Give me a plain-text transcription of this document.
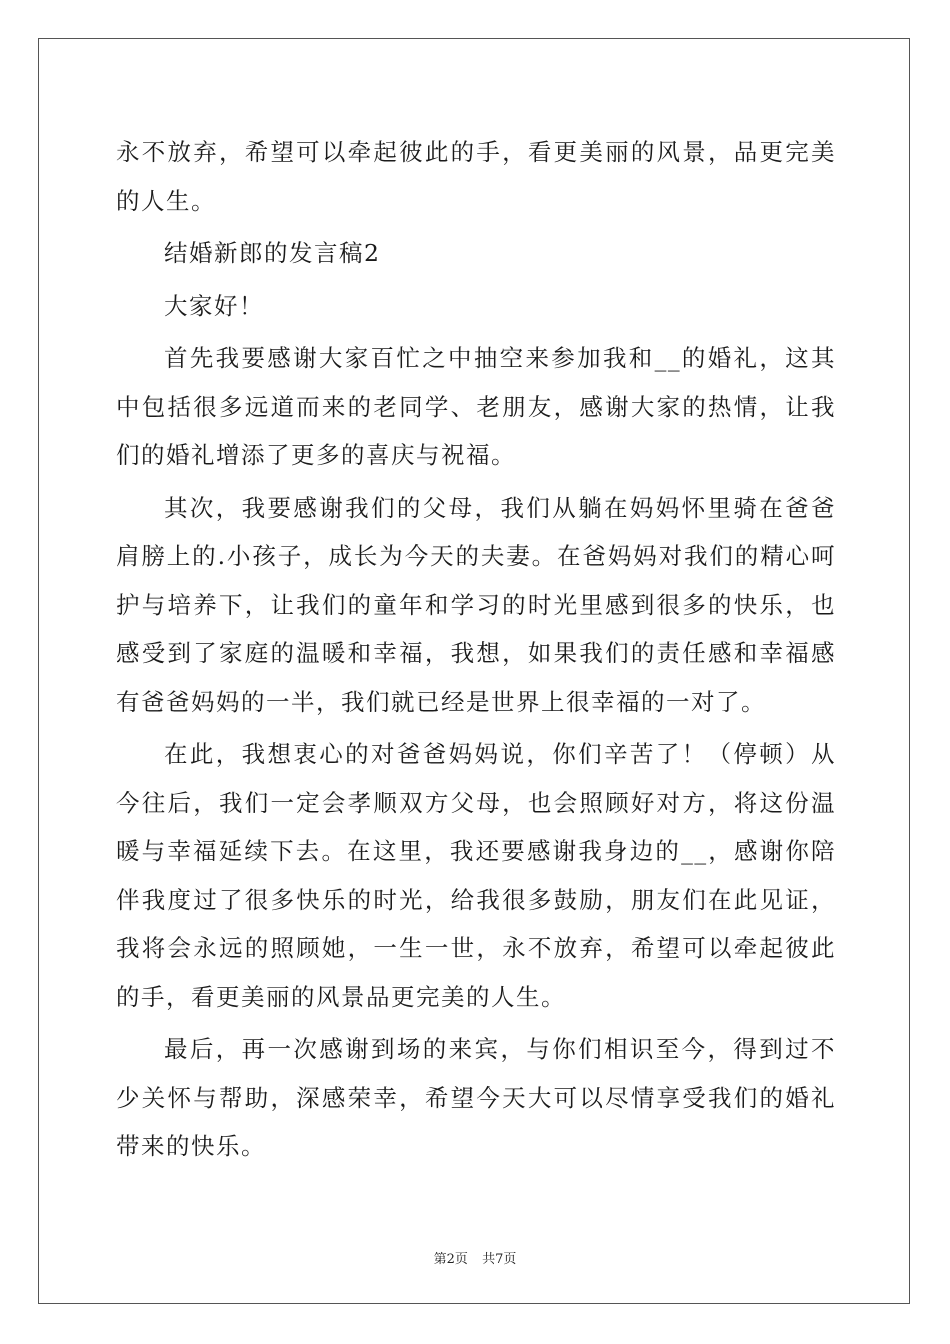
永不放弃，希望可以牵起彼此的手，看更美丽的风景，品更完美的人生。

结婚新郎的发言稿2

大家好！

首先我要感谢大家百忙之中抽空来参加我和__的婚礼，这其中包括很多远道而来的老同学、老朋友，感谢大家的热情，让我们的婚礼增添了更多的喜庆与祝福。

其次，我要感谢我们的父母，我们从躺在妈妈怀里骑在爸爸肩膀上的.小孩子，成长为今天的夫妻。在爸妈妈对我们的精心呵护与培养下，让我们的童年和学习的时光里感到很多的快乐，也感受到了家庭的温暖和幸福，我想，如果我们的责任感和幸福感有爸爸妈妈的一半，我们就已经是世界上很幸福的一对了。

在此，我想衷心的对爸爸妈妈说，你们辛苦了！（停顿）从今往后，我们一定会孝顺双方父母，也会照顾好对方，将这份温暖与幸福延续下去。在这里，我还要感谢我身边的__，感谢你陪伴我度过了很多快乐的时光，给我很多鼓励，朋友们在此见证，我将会永远的照顾她，一生一世，永不放弃，希望可以牵起彼此的手，看更美丽的风景品更完美的人生。

最后，再一次感谢到场的来宾，与你们相识至今，得到过不少关怀与帮助，深感荣幸，希望今天大可以尽情享受我们的婚礼带来的快乐。

第2页 共7页
